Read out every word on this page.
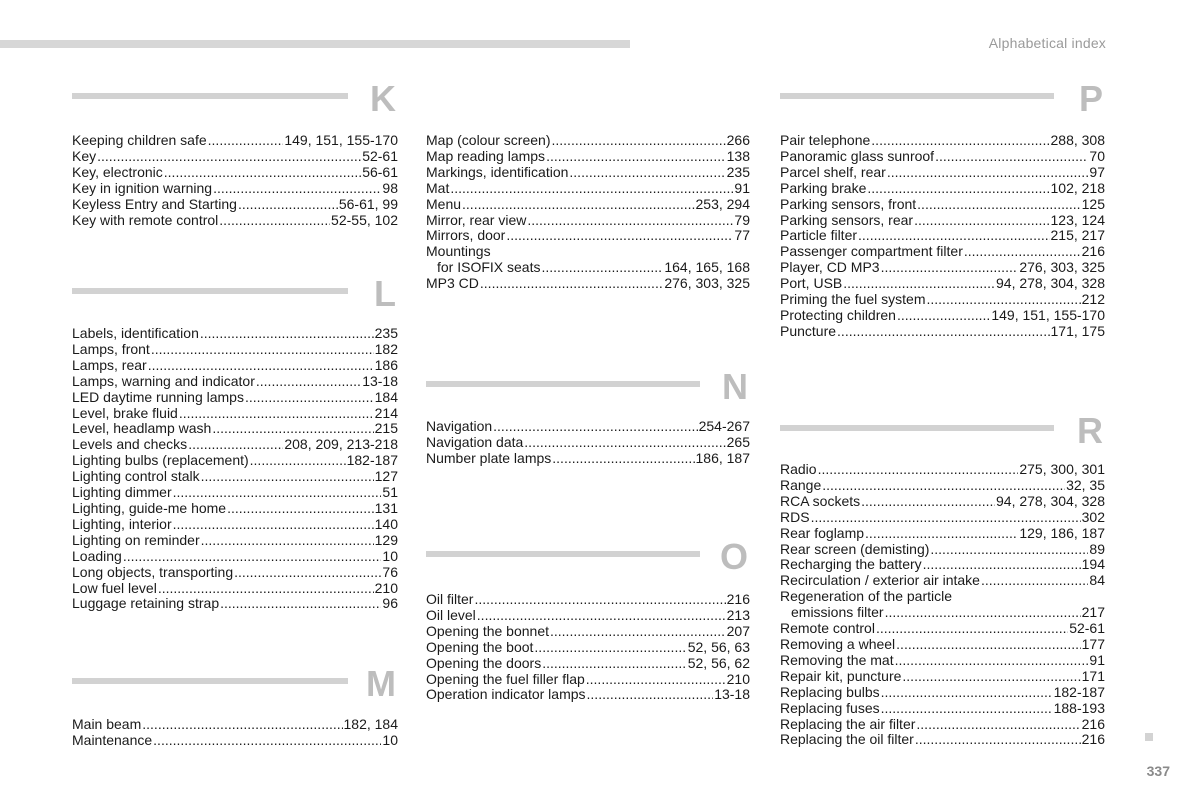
Alphabetical index
K
Keeping children safe .....	149, 151, 155-170
Key .....	52-61
Key, electronic .....	56-61
Key in ignition warning .....	98
Keyless Entry and Starting .....	56-61, 99
Key with remote control .....	52-55, 102
L
Labels, identification .....	235
Lamps, front .....	182
Lamps, rear .....	186
Lamps, warning and indicator .....	13-18
LED daytime running lamps .....	184
Level, brake fluid .....	214
Level, headlamp wash .....	215
Levels and checks .....	208, 209, 213-218
Lighting bulbs (replacement) .....	182-187
Lighting control stalk .....	127
Lighting dimmer .....	51
Lighting, guide-me home .....	131
Lighting, interior .....	140
Lighting on reminder .....	129
Loading .....	10
Long objects, transporting .....	76
Low fuel level .....	210
Luggage retaining strap .....	96
M
Main beam .....	182, 184
Maintenance .....	10
Map (colour screen) .....	266
Map reading lamps .....	138
Markings, identification .....	235
Mat .....	91
Menu .....	253, 294
Mirror, rear view .....	79
Mirrors, door .....	77
Mountings
for ISOFIX seats .....	164, 165, 168
MP3 CD .....	276, 303, 325
N
Navigation .....	254-267
Navigation data .....	265
Number plate lamps .....	186, 187
O
Oil filter .....	216
Oil level .....	213
Opening the bonnet .....	207
Opening the boot .....	52, 56, 63
Opening the doors .....	52, 56, 62
Opening the fuel filler flap .....	210
Operation indicator lamps .....	13-18
P
Pair telephone .....	288, 308
Panoramic glass sunroof .....	70
Parcel shelf, rear .....	97
Parking brake .....	102, 218
Parking sensors, front .....	125
Parking sensors, rear .....	123, 124
Particle filter .....	215, 217
Passenger compartment filter .....	216
Player, CD MP3 .....	276, 303, 325
Port, USB .....	94, 278, 304, 328
Priming the fuel system .....	212
Protecting children .....	149, 151, 155-170
Puncture .....	171, 175
R
Radio .....	275, 300, 301
Range .....	32, 35
RCA sockets .....	94, 278, 304, 328
RDS .....	302
Rear foglamp .....	129, 186, 187
Rear screen (demisting) .....	89
Recharging the battery .....	194
Recirculation / exterior air intake .....	84
Regeneration of the particle
emissions filter .....	217
Remote control .....	52-61
Removing a wheel .....	177
Removing the mat .....	91
Repair kit, puncture .....	171
Replacing bulbs .....	182-187
Replacing fuses .....	188-193
Replacing the air filter .....	216
Replacing the oil filter .....	216
337
